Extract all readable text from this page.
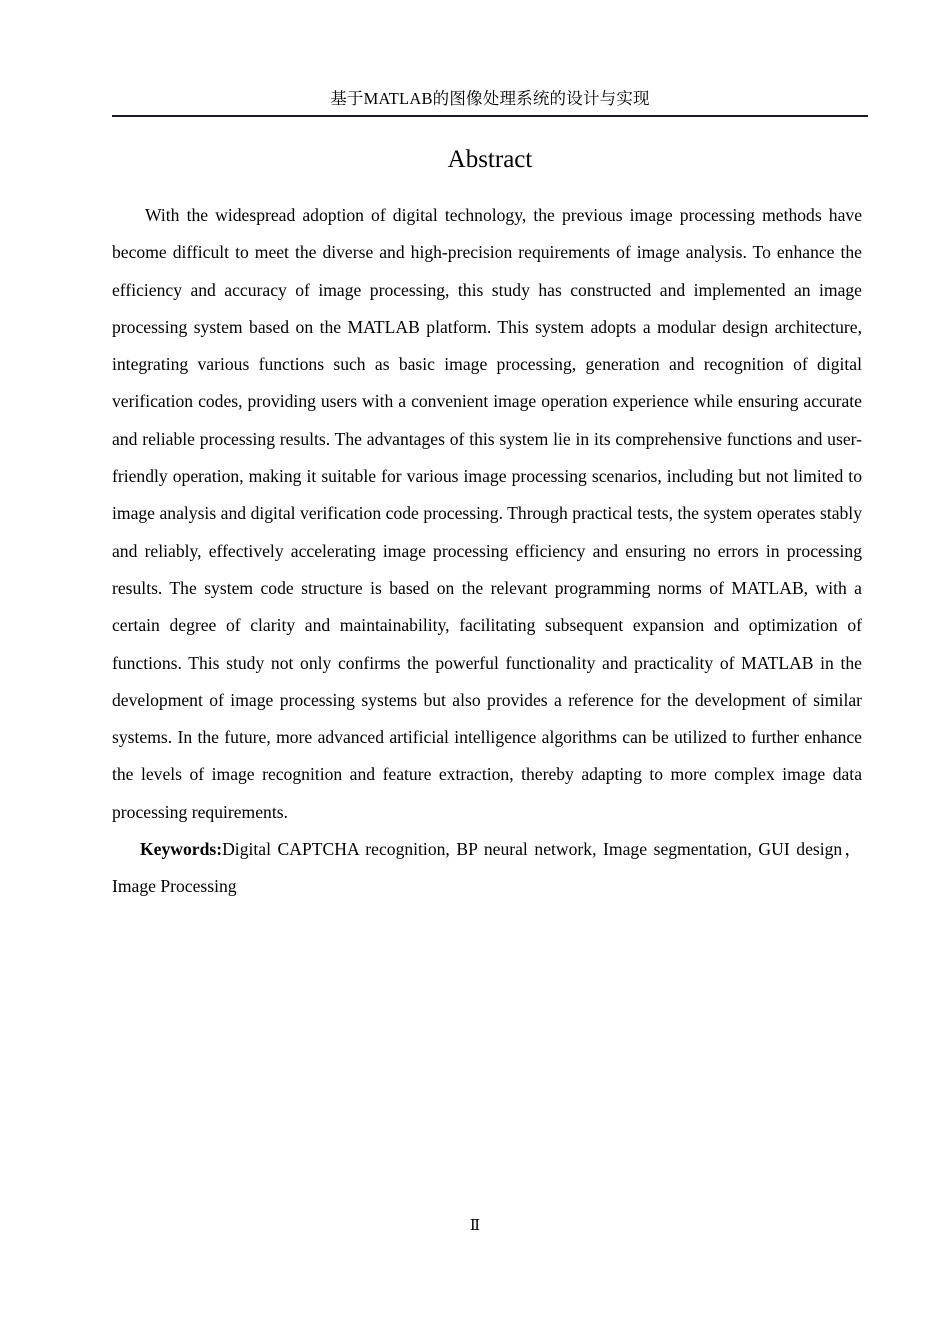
基于MATLAB的图像处理系统的设计与实现
Abstract

With the widespread adoption of digital technology, the previous image processing methods have become difficult to meet the diverse and high-precision requirements of image analysis. To enhance the efficiency and accuracy of image processing, this study has constructed and implemented an image processing system based on the MATLAB platform. This system adopts a modular design architecture, integrating various functions such as basic image processing, generation and recognition of digital verification codes, providing users with a convenient image operation experience while ensuring accurate and reliable processing results. The advantages of this system lie in its comprehensive functions and user-friendly operation, making it suitable for various image processing scenarios, including but not limited to image analysis and digital verification code processing. Through practical tests, the system operates stably and reliably, effectively accelerating image processing efficiency and ensuring no errors in processing results. The system code structure is based on the relevant programming norms of MATLAB, with a certain degree of clarity and maintainability, facilitating subsequent expansion and optimization of functions. This study not only confirms the powerful functionality and practicality of MATLAB in the development of image processing systems but also provides a reference for the development of similar systems. In the future, more advanced artificial intelligence algorithms can be utilized to further enhance the levels of image recognition and feature extraction, thereby adapting to more complex image data processing requirements.

Keywords:Digital CAPTCHA recognition, BP neural network, Image segmentation, GUI design，Image Processing

Ⅱ
